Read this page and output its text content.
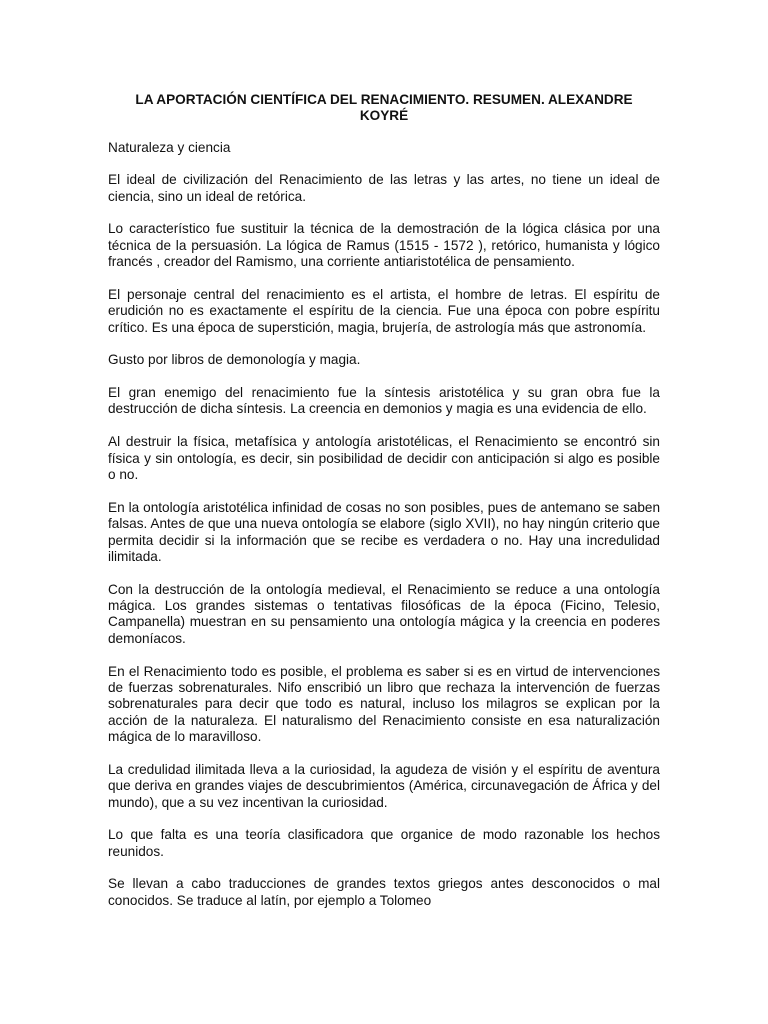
LA APORTACIÓN CIENTÍFICA DEL RENACIMIENTO. RESUMEN. ALEXANDRE KOYRÉ
Naturaleza y ciencia

El ideal de civilización del Renacimiento de las letras y las artes, no tiene un ideal de ciencia, sino un ideal de retórica.

Lo característico fue sustituir la técnica de la demostración de la lógica clásica por una técnica de la persuasión. La lógica de Ramus (1515 - 1572 ), retórico, humanista y lógico francés , creador del Ramismo, una corriente antiaristotélica de pensamiento.

El personaje central del renacimiento es el artista, el hombre de letras. El espíritu de erudición no es exactamente el espíritu de la ciencia. Fue una época con pobre espíritu crítico. Es una época de superstición, magia, brujería, de astrología más que astronomía.

Gusto por libros de demonología y magia.

El gran enemigo del renacimiento fue la síntesis aristotélica y su gran obra fue la destrucción de dicha síntesis. La creencia en demonios y magia es una evidencia de ello.

Al destruir la física, metafísica y antología aristotélicas, el Renacimiento se encontró sin física y sin ontología, es decir, sin posibilidad de decidir con anticipación si algo es posible o no.

En la ontología aristotélica infinidad de cosas no son posibles, pues de antemano se saben falsas. Antes de que una nueva ontología se elabore (siglo XVII), no hay ningún criterio que permita decidir si la información que se recibe es verdadera o no. Hay una incredulidad ilimitada.

Con la destrucción de la ontología medieval, el Renacimiento se reduce a una ontología mágica. Los grandes sistemas o tentativas filosóficas de la época (Ficino, Telesio, Campanella) muestran en su pensamiento una ontología mágica y la creencia en poderes demoníacos.

En el Renacimiento todo es posible, el problema es saber si es en virtud de intervenciones de fuerzas sobrenaturales. Nifo enscribió un libro que rechaza la intervención de fuerzas sobrenaturales para decir que todo es natural, incluso los milagros se explican por la acción de la naturaleza. El naturalismo del Renacimiento consiste en esa naturalización mágica de lo maravilloso.

La credulidad ilimitada lleva a la curiosidad, la agudeza de visión y el espíritu de aventura que deriva en grandes viajes de descubrimientos (América, circunavegación de África y del mundo), que a su vez incentivan la curiosidad.

Lo que falta es una teoría clasificadora que organice de modo razonable los hechos reunidos.

Se llevan a cabo traducciones de grandes textos griegos antes desconocidos o mal conocidos. Se traduce al latín, por ejemplo a Tolomeo
